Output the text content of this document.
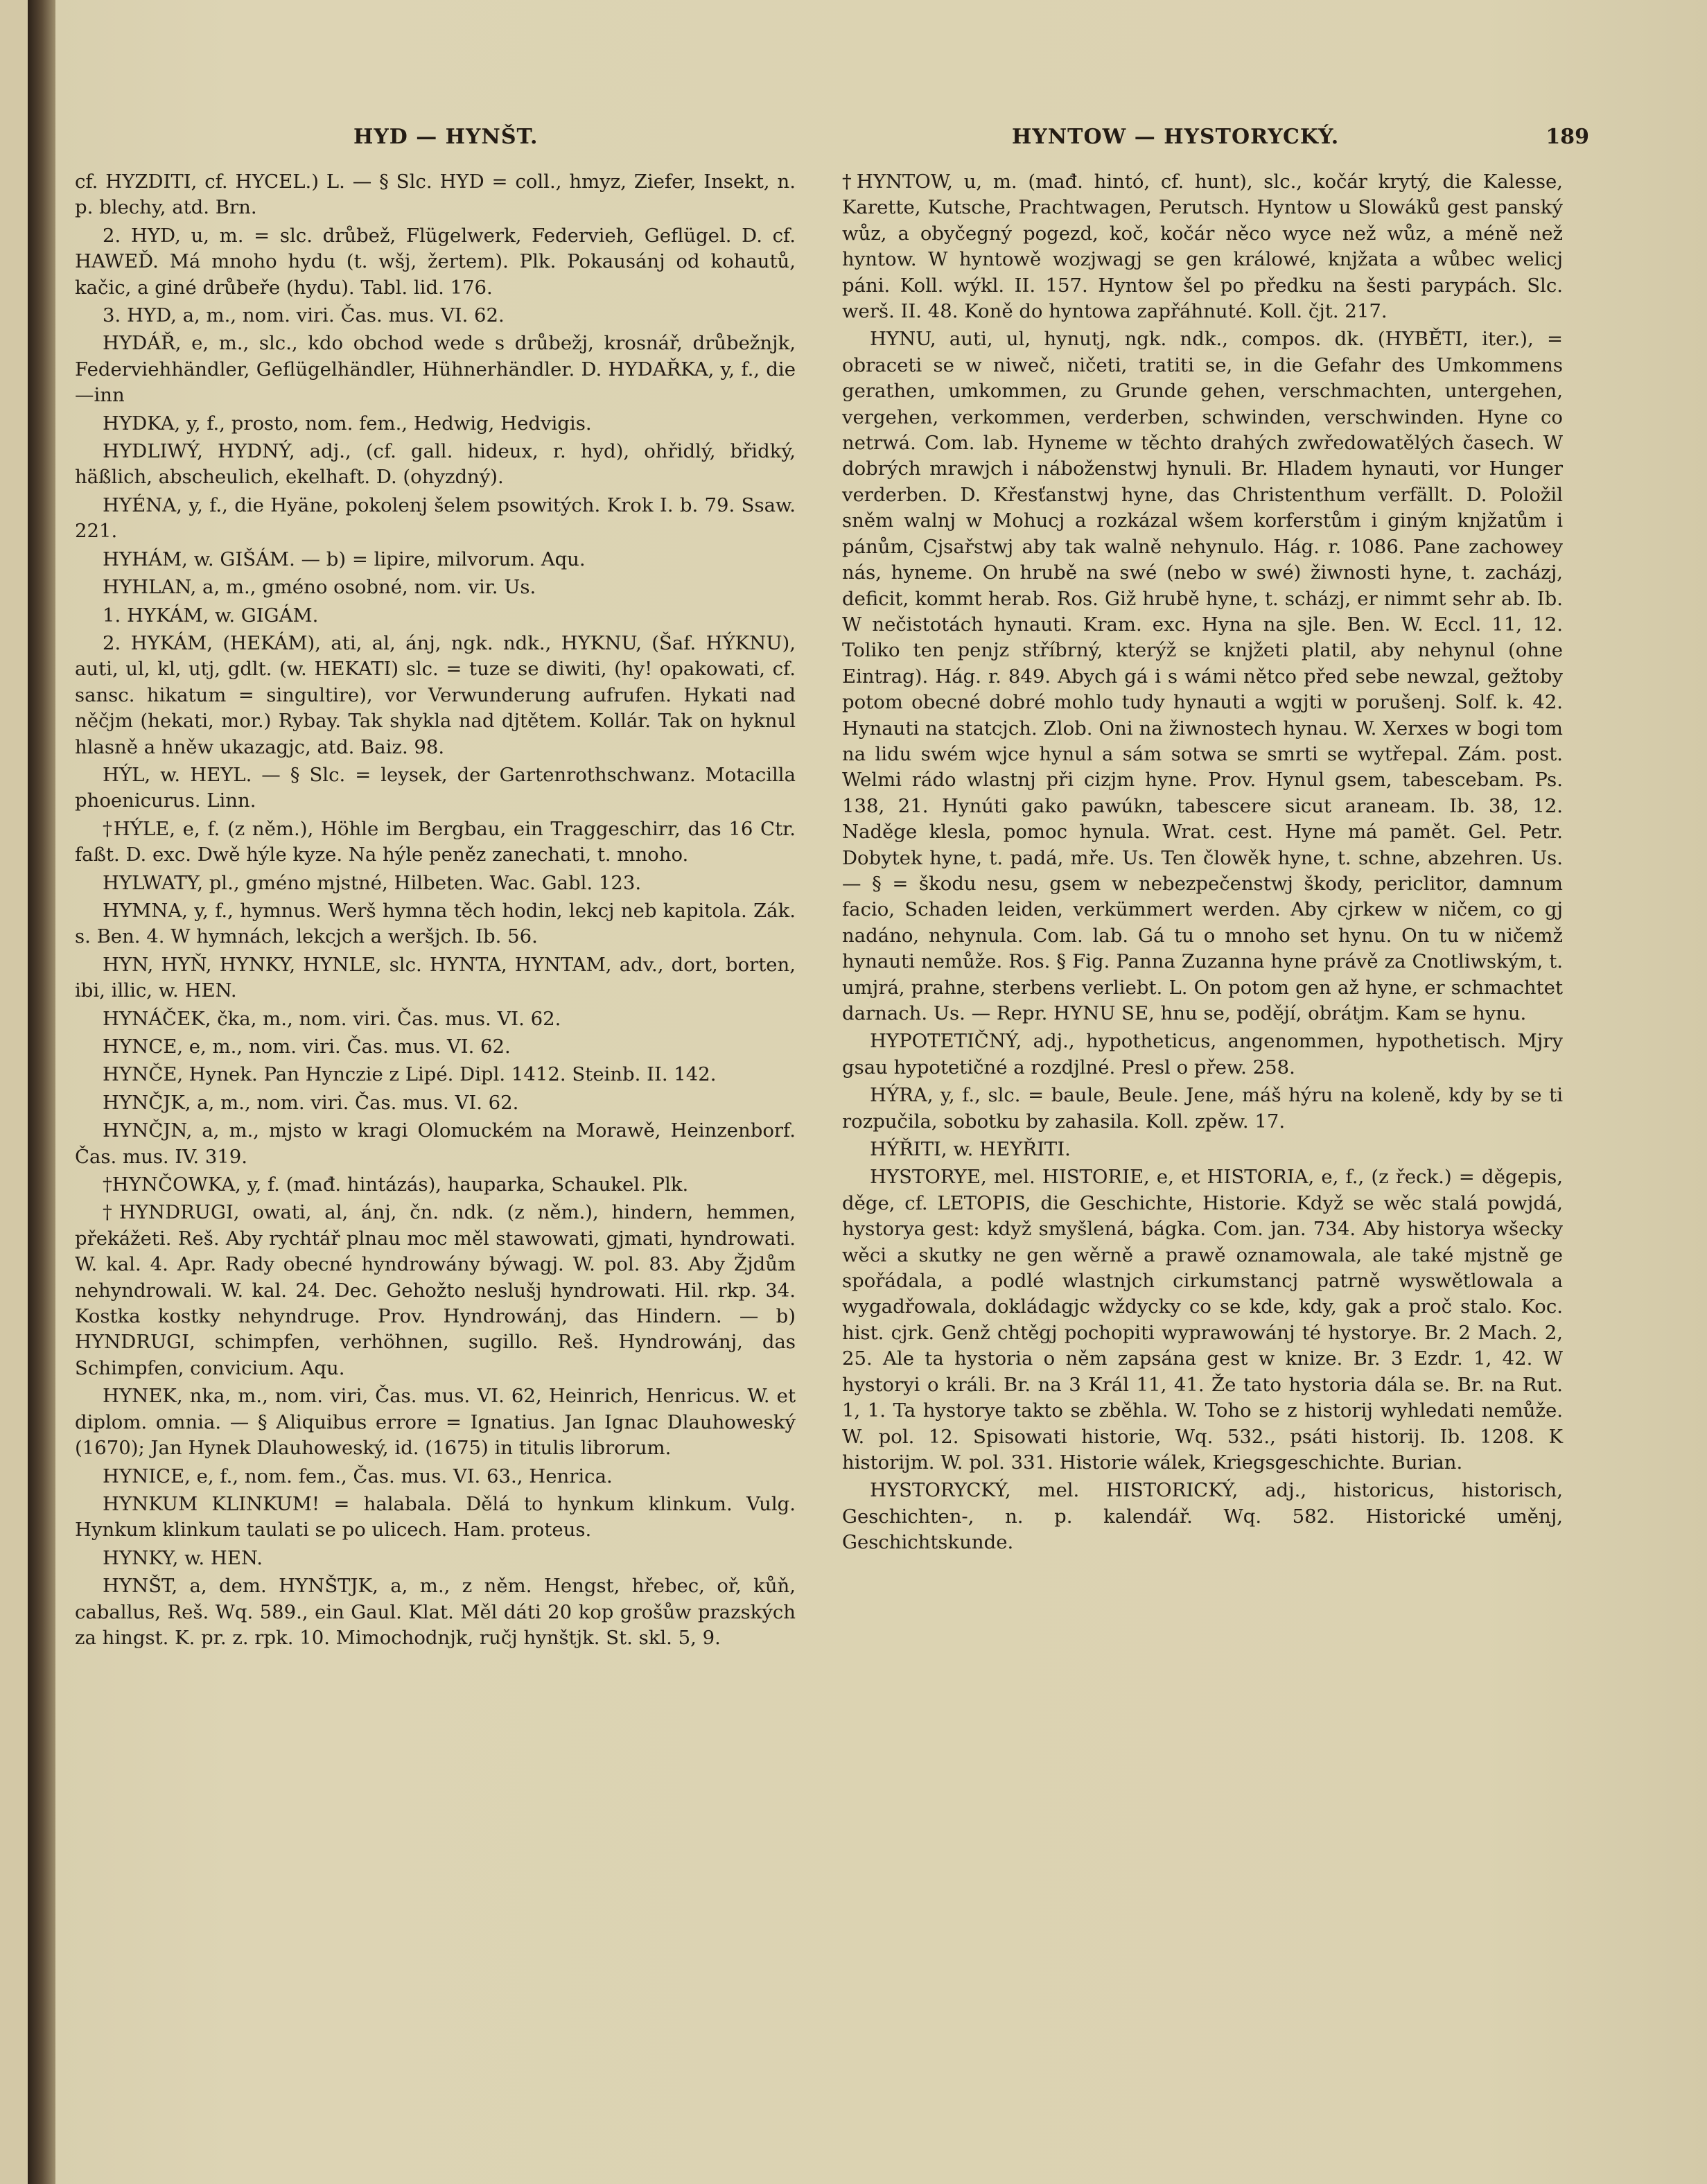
HYD — HYNŠT.	HYNTOW — HYSTORYCKÝ.	189

cf. HYZDITI, cf. HYCEL.) L. — § Slc. HYD = coll., hmyz, Ziefer, Insekt, n. p. blechy, atd. Brn.

2. HYD, u, m. = slc. drůbež, Flügelwerk, Federvieh, Geflügel. D. cf. HAWEĎ. Má mnoho hydu (t. wšj, žertem). Plk. Pokausánj od kohautů, kačic, a giné drůbeře (hydu). Tabl. lid. 176.

3. HYD, a, m., nom. viri. Čas. mus. VI. 62.

HYDÁŘ, e, m., slc., kdo obchod wede s drůbežj, krosnář, drůbežnjk, Federviehhändler, Geflügelhändler, Hühnerhändler. D. HYDAŘKA, y, f., die —inn

HYDKA, y, f., prosto, nom. fem., Hedwig, Hedvigis.

HYDLIWÝ, HYDNÝ, adj., (cf. gall. hideux, r. hyd), ohřidlý, břidký, häßlich, abscheulich, ekelhaft. D. (ohyzdný).

HYÉNA, y, f., die Hyäne, pokolenj šelem psowitých. Krok I. b. 79. Ssaw. 221.

HYHÁM, w. GIŠÁM. — b) = lipire, milvorum. Aqu.

HYHLAN, a, m., gméno osobné, nom. vir. Us.

1. HYKÁM, w. GIGÁM.

2. HYKÁM, (HEKÁM), ati, al, ánj, ngk. ndk., HYKNU, (Šaf. HÝKNU), auti, ul, kl, utj, gdlt. (w. HEKATI) slc. = tuze se diwiti, (hy! opakowati, cf. sansc. hikatum = singultire), vor Verwunderung aufrufen. Hykati nad něčjm (hekati, mor.) Rybay. Tak shykla nad djtětem. Kollár. Tak on hyknul hlasně a hněw ukazagjc, atd. Baiz. 98.

HÝL, w. HEYL. — § Slc. = leysek, der Gartenrothschwanz. Motacilla phoenicurus. Linn.

†HÝLE, e, f. (z něm.), Höhle im Bergbau, ein Traggeschirr, das 16 Ctr. faßt. D. exc. Dwě hýle kyze. Na hýle peněz zanechati, t. mnoho.

HYLWATY, pl., gméno mjstné, Hilbeten. Wac. Gabl. 123.

HYMNA, y, f., hymnus. Werš hymna těch hodin, lekcj neb kapitola. Zák. s. Ben. 4. W hymnách, lekcjch a weršjch. Ib. 56.

HYN, HYŇ, HYNKY, HYNLE, slc. HYNTA, HYNTAM, adv., dort, borten, ibi, illic, w. HEN.

HYNÁČEK, čka, m., nom. viri. Čas. mus. VI. 62.

HYNCE, e, m., nom. viri. Čas. mus. VI. 62.

HYNČE, Hynek. Pan Hynczie z Lipé. Dipl. 1412. Steinb. II. 142.

HYNČJK, a, m., nom. viri. Čas. mus. VI. 62.

HYNČJN, a, m., mjsto w kragi Olomuckém na Morawě, Heinzenborf. Čas. mus. IV. 319.

†HYNČOWKA, y, f. (mađ. hintázás), hauparka, Schaukel. Plk.

†HYNDRUGI, owati, al, ánj, čn. ndk. (z něm.), hindern, hemmen, překážeti. Reš. Aby rychtář plnau moc měl stawowati, gjmati, hyndrowati. W. kal. 4. Apr. Rady obecné hyndrowány býwagj. W. pol. 83. Aby Žjdům nehyndrowali. W. kal. 24. Dec. Gehožto neslušj hyndrowati. Hil. rkp. 34. Kostka kostky nehyndruge. Prov. Hyndrowánj, das Hindern. — b) HYNDRUGI, schimpfen, verhöhnen, sugillo. Reš. Hyndrowánj, das Schimpfen, convicium. Aqu.

HYNEK, nka, m., nom. viri, Čas. mus. VI. 62, Heinrich, Henricus. W. et diplom. omnia. — § Aliquibus errore = Ignatius. Jan Ignac Dlauhoweský (1670); Jan Hynek Dlauhoweský, id. (1675) in titulis librorum.

HYNICE, e, f., nom. fem., Čas. mus. VI. 63., Henrica.

HYNKUM KLINKUM! = halabala. Dělá to hynkum klinkum. Vulg. Hynkum klinkum taulati se po ulicech. Ham. proteus.

HYNKY, w. HEN.

HYNŠT, a, dem. HYNŠTJK, a, m., z něm. Hengst, hřebec, oř, kůň, caballus, Reš. Wq. 589., ein Gaul. Klat. Měl dáti 20 kop grošůw prazských za hingst. K. pr. z. rpk. 10. Mimochodnjk, ručj hynštjk. St. skl. 5, 9.

†HYNTOW, u, m. (mađ. hintó, cf. hunt), slc., kočár krytý, die Kalesse, Karette, Kutsche, Prachtwagen, Perutsch. Hyntow u Slowáků gest panský wůz, a obyčegný pogezd, koč, kočár něco wyce než wůz, a méně než hyntow. W hyntowě wozjwagj se gen králowé, knjžata a wůbec welicj páni. Koll. wýkl. II. 157. Hyntow šel po předku na šesti parypách. Slc. werš. II. 48. Koně do hyntowa zapřáhnuté. Koll. čjt. 217.

HYNU, auti, ul, hynutj, ngk. ndk., compos. dk. (HYBĚTI, iter.), = obraceti se w niweč, ničeti, tratiti se, in die Gefahr des Umkommens gerathen, umkommen, zu Grunde gehen, verschmachten, untergehen, vergehen, verkommen, verderben, schwinden, verschwinden. Hyne co netrwá. Com. lab. Hyneme w těchto drahých zwředowatělých časech. W dobrých mrawjch i náboženstwj hynuli. Br. Hladem hynauti, vor Hunger verderben. D. Křesťanstwj hyne, das Christenthum verfällt. D. Položil sněm walnj w Mohucj a rozkázal wšem korferstům i giným knjžatům i pánům, Cjsařstwj aby tak walně nehynulo. Hág. r. 1086. Pane zachowey nás, hyneme. On hrubě na swé (nebo w swé) žiwnosti hyne, t. zacházj, deficit, kommt herab. Ros. Giž hrubě hyne, t. scházj, er nimmt sehr ab. Ib. W nečistotách hynauti. Kram. exc. Hyna na sjle. Ben. W. Eccl. 11, 12. Toliko ten penjz stříbrný, kterýž se knjžeti platil, aby nehynul (ohne Eintrag). Hág. r. 849. Abych gá i s wámi nětco před sebe newzal, gežtoby potom obecné dobré mohlo tudy hynauti a wgjti w porušenj. Solf. k. 42. Hynauti na statcjch. Zlob. Oni na žiwnostech hynau. W. Xerxes w bogi tom na lidu swém wjce hynul a sám sotwa se smrti se wytřepal. Zám. post. Welmi rádo wlastnj při cizjm hyne. Prov. Hynul gsem, tabescebam. Ps. 138, 21. Hynúti gako pawúkn, tabescere sicut araneam. Ib. 38, 12. Naděge klesla, pomoc hynula. Wrat. cest. Hyne má pamět. Gel. Petr. Dobytek hyne, t. padá, mře. Us. Ten člowěk hyne, t. schne, abzehren. Us. — § = škodu nesu, gsem w nebezpečenstwj škody, periclitor, damnum facio, Schaden leiden, verkümmert werden. Aby cjrkew w ničem, co gj nadáno, nehynula. Com. lab. Gá tu o mnoho set hynu. On tu w ničemž hynauti nemůže. Ros. § Fig. Panna Zuzanna hyne právě za Cnotliwským, t. umjrá, prahne, sterbens verliebt. L. On potom gen až hyne, er schmachtet darnach. Us. — Repr. HYNU SE, hnu se, podějí, obrátjm. Kam se hynu.

HYPOTETIČNÝ, adj., hypotheticus, angenommen, hypothetisch. Mjry gsau hypotetičné a rozdjlné. Presl o přew. 258.

HÝRA, y, f., slc. = baule, Beule. Jene, máš hýru na koleně, kdy by se ti rozpučila, sobotku by zahasila. Koll. zpěw. 17.

HÝŘITI, w. HEYŘITI.

HYSTORYE, mel. HISTORIE, e, et HISTORIA, e, f., (z řeck.) = děgepis, děge, cf. LETOPIS, die Geschichte, Historie. Když se wěc stalá powjdá, hystorya gest: když smyšlená, bágka. Com. jan. 734. Aby historya wšecky wěci a skutky ne gen wěrně a prawě oznamowala, ale také mjstně ge spořádala, a podlé wlastnjch cirkumstancj patrně wyswětlowala a wygadřowala, dokládagjc wždycky co se kde, kdy, gak a proč stalo. Koc. hist. cjrk. Genž chtěgj pochopiti wyprawowánj té hystorye. Br. 2 Mach. 2, 25. Ale ta hystoria o něm zapsána gest w knize. Br. 3 Ezdr. 1, 42. W hystoryi o králi. Br. na 3 Král 11, 41. Že tato hystoria dála se. Br. na Rut. 1, 1. Ta hystorye takto se zběhla. W. Toho se z historij wyhledati nemůže. W. pol. 12. Spisowati historie, Wq. 532., psáti historij. Ib. 1208. K historijm. W. pol. 331. Historie wálek, Kriegsgeschichte. Burian.

HYSTORYCKÝ, mel. HISTORICKÝ, adj., historicus, historisch, Geschichten-, n. p. kalendář. Wq. 582. Historické uměnj, Geschichtskunde.
